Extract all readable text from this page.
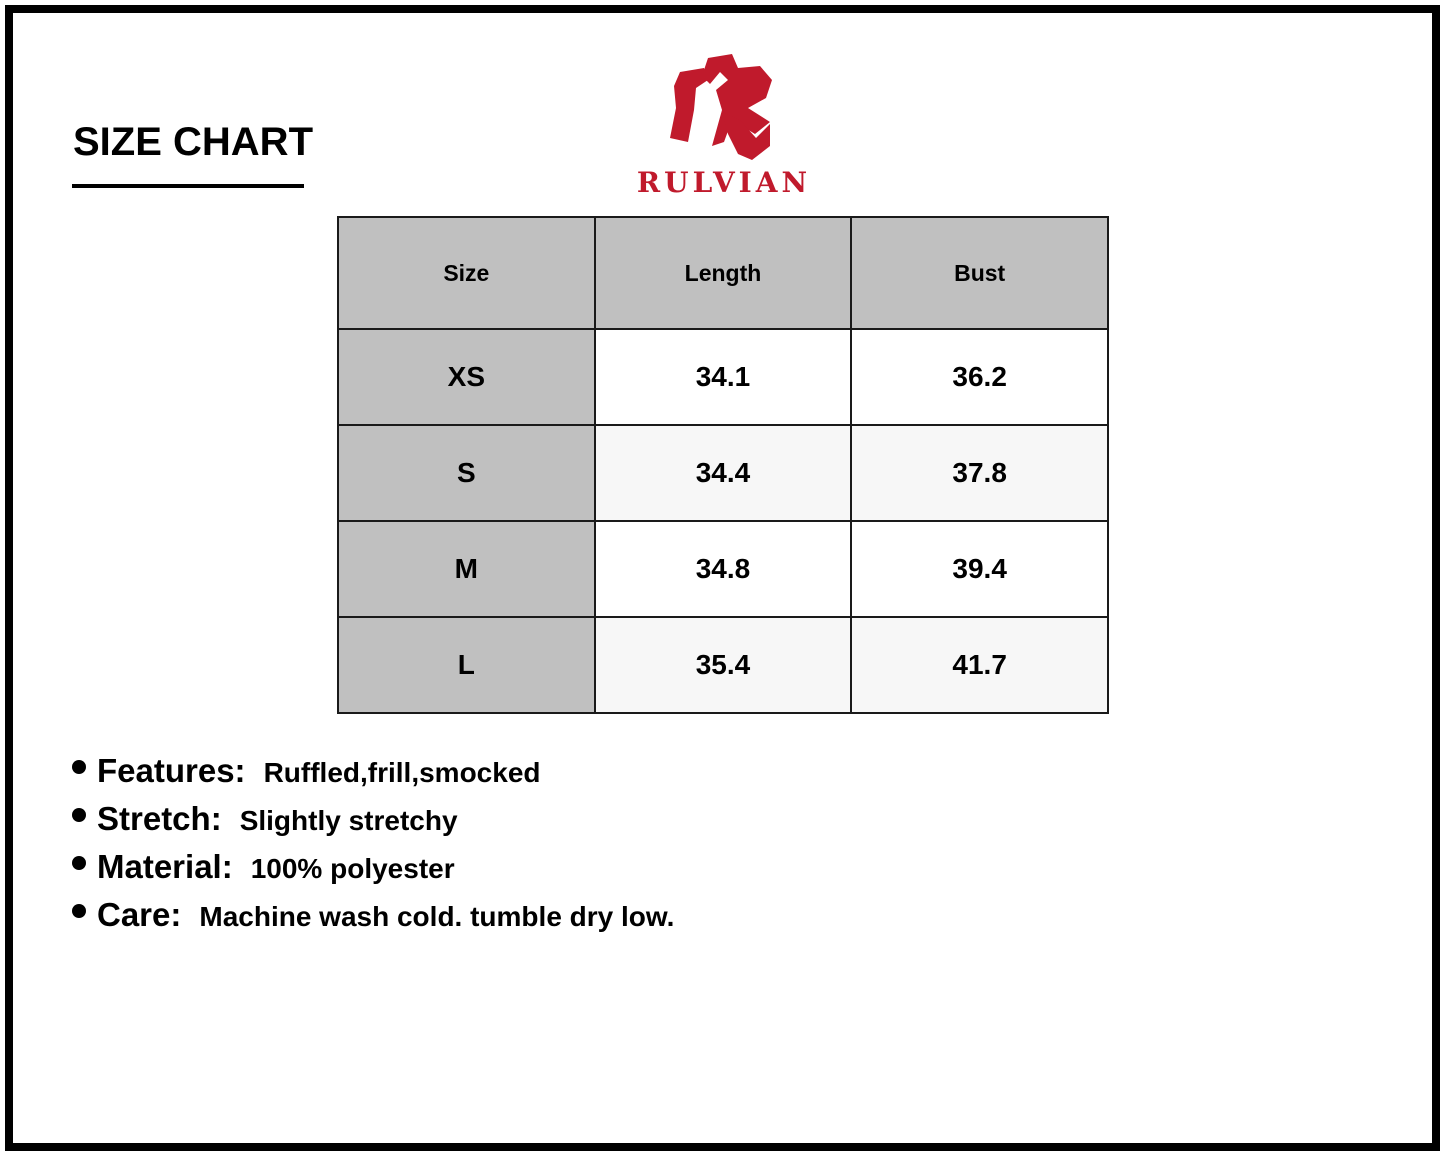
SIZE CHART
RULVIAN
Size	Length	Bust
XS	34.1	36.2
S	34.4	37.8
M	34.8	39.4
L	35.4	41.7
Features: Ruffled,frill,smocked
Stretch: Slightly stretchy
Material: 100% polyester
Care: Machine wash cold. tumble dry low.
